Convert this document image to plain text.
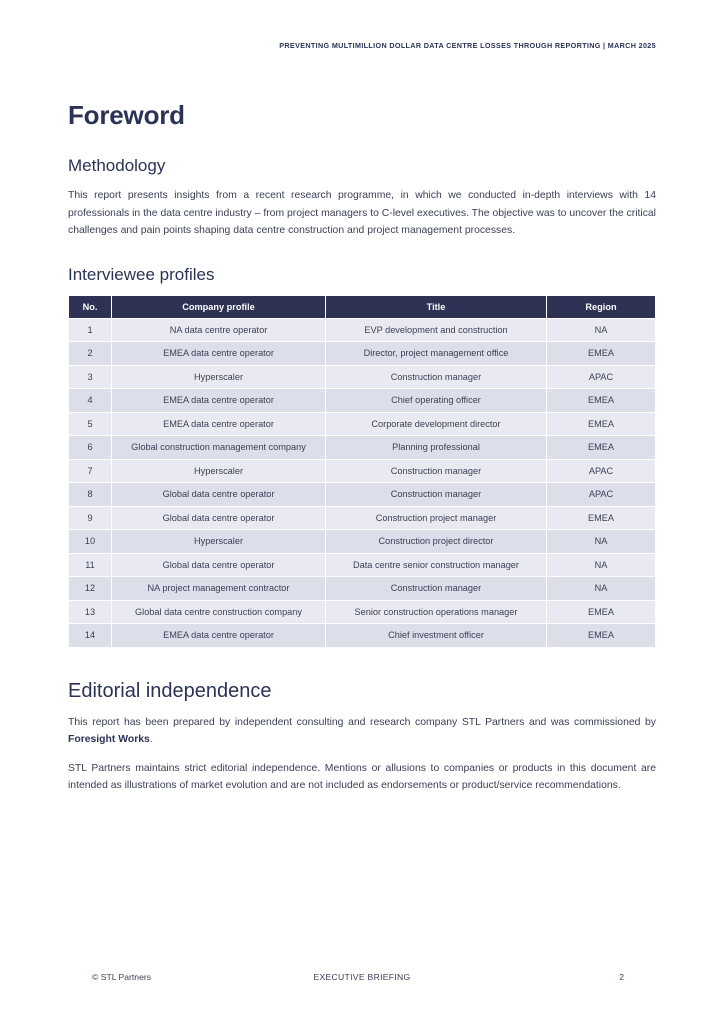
PREVENTING MULTIMILLION DOLLAR DATA CENTRE LOSSES THROUGH REPORTING | MARCH 2025
Foreword
Methodology

This report presents insights from a recent research programme, in which we conducted in-depth interviews with 14 professionals in the data centre industry – from project managers to C-level executives. The objective was to uncover the critical challenges and pain points shaping data centre construction and project management processes.

Interviewee profiles
No.	Company profile	Title	Region
1	NA data centre operator	EVP development and construction	NA
2	EMEA data centre operator	Director, project management office	EMEA
3	Hyperscaler	Construction manager	APAC
4	EMEA data centre operator	Chief operating officer	EMEA
5	EMEA data centre operator	Corporate development director	EMEA
6	Global construction management company	Planning professional	EMEA
7	Hyperscaler	Construction manager	APAC
8	Global data centre operator	Construction manager	APAC
9	Global data centre operator	Construction project manager	EMEA
10	Hyperscaler	Construction project director	NA
11	Global data centre operator	Data centre senior construction manager	NA
12	NA project management contractor	Construction manager	NA
13	Global data centre construction company	Senior construction operations manager	EMEA
14	EMEA data centre operator	Chief investment officer	EMEA
Editorial independence

This report has been prepared by independent consulting and research company STL Partners and was commissioned by Foresight Works.

STL Partners maintains strict editorial independence. Mentions or allusions to companies or products in this document are intended as illustrations of market evolution and are not included as endorsements or product/service recommendations.

© STL Partners	EXECUTIVE BRIEFING	2
